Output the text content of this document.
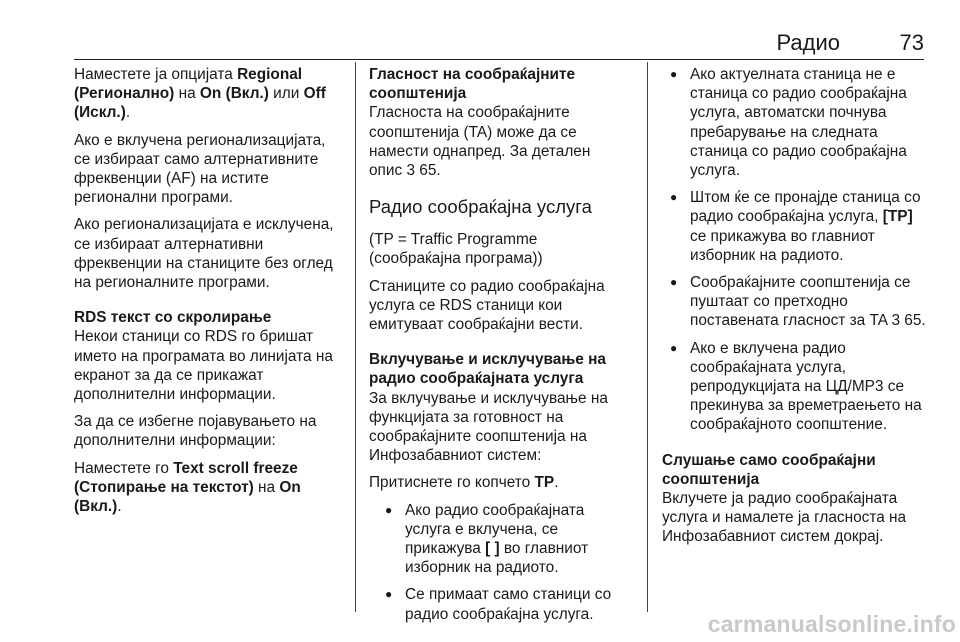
Радио	73

Наместете ја опцијата Regional (Регионално) на On (Вкл.) или Off (Искл.).

Ако е вклучена регионализацијата, се избираат само алтернативните фреквенции (AF) на истите регионални програми.

Ако регионализацијата е исклучена, се избираат алтернативни фреквенции на станиците без оглед на регионалните програми.

RDS текст со скролирање

Некои станици со RDS го бришат името на програмата во линијата на екранот за да се прикажат дополнителни информации.

За да се избегне појавувањето на дополнителни информации:

Наместете го Text scroll freeze (Стопирање на текстот) на On (Вкл.).

Гласност на сообраќајните соопштенија

Гласноста на сообраќајните соопштенија (TA) може да се намести однапред. За детален опис 3 65.

Радио сообраќајна услуга

(TP = Traffic Programme (сообраќајна програма))

Станиците со радио сообраќајна услуга се RDS станици кои емитуваат сообраќајни вести.

Вклучување и исклучување на радио сообраќајната услуга

За вклучување и исклучување на функцијата за готовност на сообраќајните соопштенија на Инфозабавниот систем:

Притиснете го копчето TP.

● Ако радио сообраќајната услуга е вклучена, се прикажува [ ] во главниот изборник на радиото.
● Се примаат само станици со радио сообраќајна услуга.
● Ако актуелната станица не е станица со радио сообраќајна услуга, автоматски почнува пребарување на следната станица со радио сообраќајна услуга.
● Штом ќе се пронајде станица со радио сообраќајна услуга, [TP] се прикажува во главниот изборник на радиото.
● Сообраќајните соопштенија се пуштаат со претходно поставената гласност за TA 3 65.
● Ако е вклучена радио сообраќајната услуга, репродукцијата на ЦД/MP3 се прекинува за времетраењето на сообраќајното соопштение.

Слушање само сообраќајни соопштенија

Вклучете ја радио сообраќајната услуга и намалете ја гласноста на Инфозабавниот систем докрај.

carmanualsonline.info
